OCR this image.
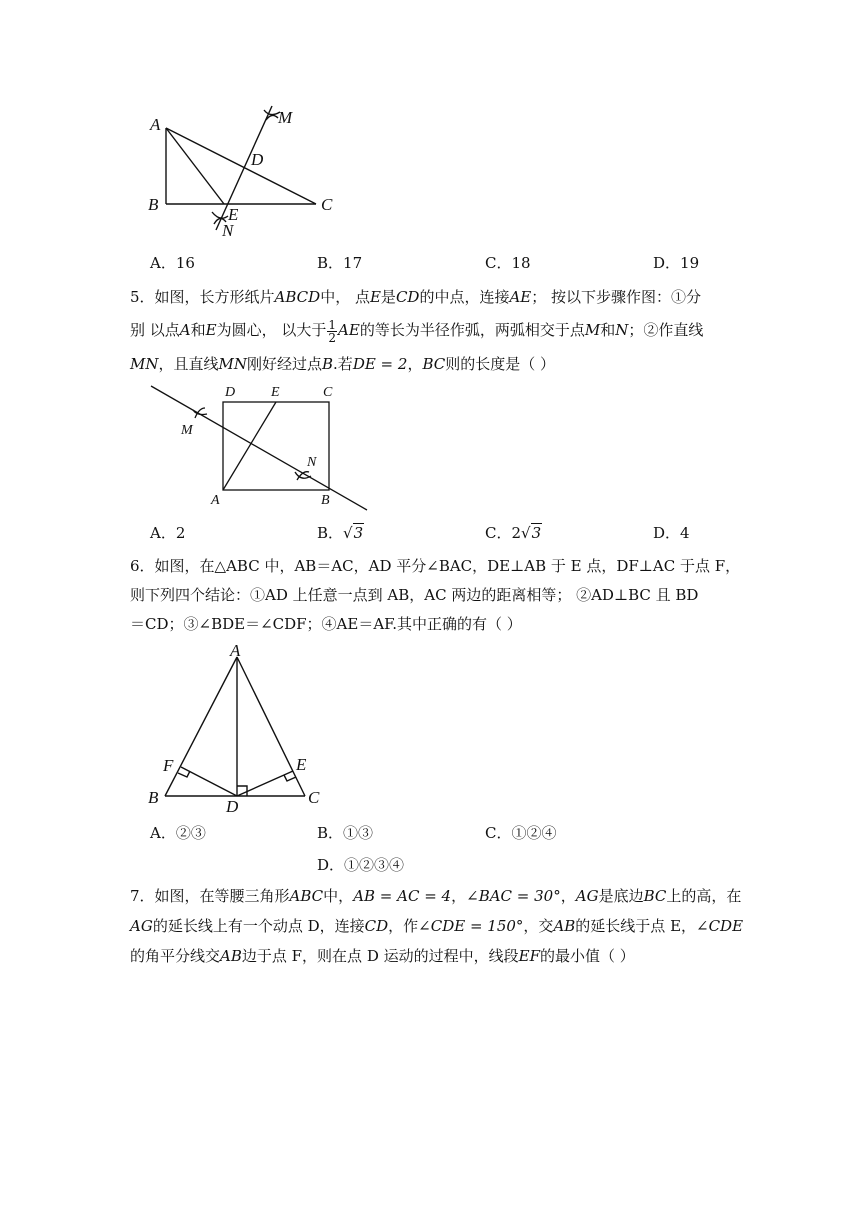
A
B	C
D
E
M
N
A．16	B．17	C．18	D．19
5．如图，长方形纸片ABCD中， 点E是CD的中点，连接AE； 按以下步骤作图：①分
别 以点A和E为圆心， 以大于 $\frac{1}{2}$ AE的等长为半径作弧，两弧相交于点M和N；②作直线
MN，且直线MN刚好经过点B.若DE = 2，BC则的长度是（ ）
D	E	C
M
N
A	B
A．2	B．√3	C．2√3	D．4
6．如图，在△ABC 中，AB＝AC，AD 平分∠BAC，DE⊥AB 于 E 点，DF⊥AC 于点 F，
则下列四个结论：①AD 上任意一点到 AB，AC 两边的距离相等； ②AD⊥BC 且 BD
＝CD；③∠BDE＝∠CDF；④AE＝AF.其中正确的有（ ）
A
F	E
B	D	C
A．②③	B．①③	C．①②④
D．①②③④
7．如图，在等腰三角形ABC中，AB = AC = 4，∠BAC = 30°，AG是底边BC上的高，在
AG的延长线上有一个动点 D，连接CD，作∠CDE = 150°，交AB的延长线于点 E，∠CDE
的角平分线交AB边于点 F，则在点 D 运动的过程中，线段EF的最小值（ ）
